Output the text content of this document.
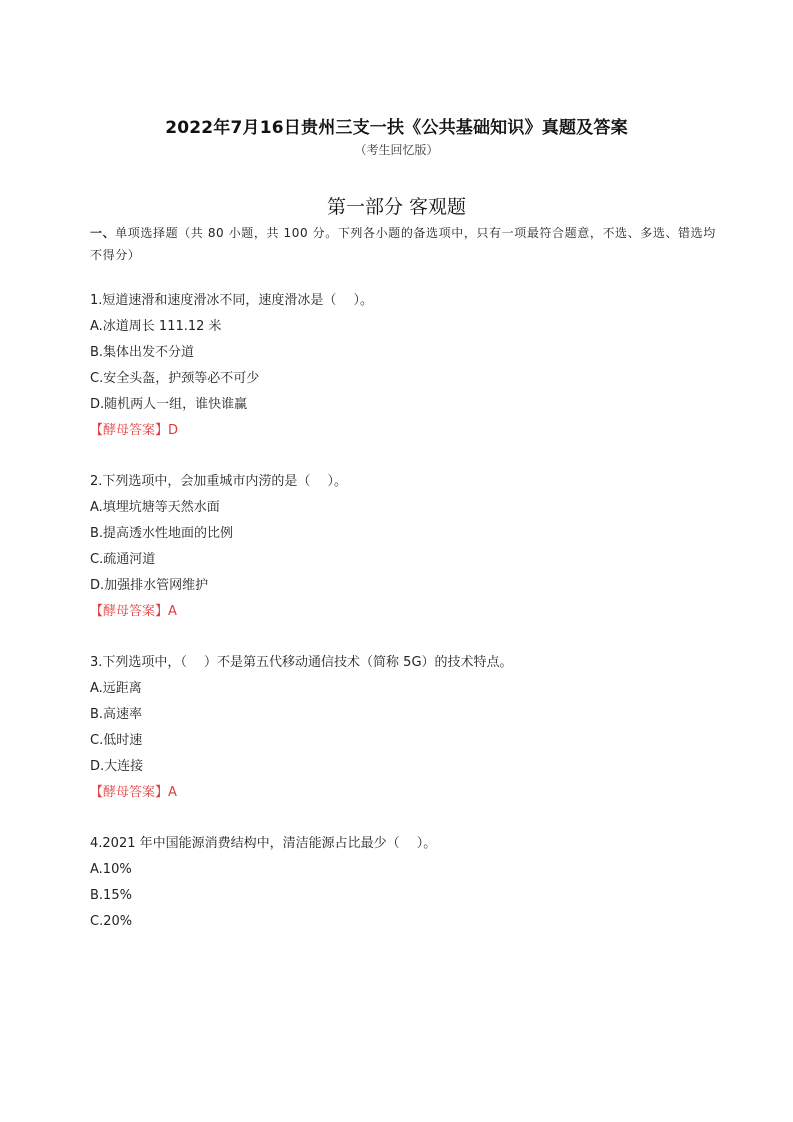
2022年7月16日贵州三支一扶《公共基础知识》真题及答案
（考生回忆版）
第一部分 客观题
一、单项选择题（共 80 小题，共 100 分。下列各小题的备选项中，只有一项最符合题意，不选、多选、错选均不得分）
1.短道速滑和速度滑冰不同，速度滑冰是（　 ）。
A.冰道周长 111.12 米
B.集体出发不分道
C.安全头盔，护颈等必不可少
D.随机两人一组，谁快谁赢
【酵母答案】D
2.下列选项中，会加重城市内涝的是（　 ）。
A.填埋坑塘等天然水面
B.提高透水性地面的比例
C.疏通河道
D.加强排水管网维护
【酵母答案】A
3.下列选项中，（　 ）不是第五代移动通信技术（简称 5G）的技术特点。
A.远距离
B.高速率
C.低时速
D.大连接
【酵母答案】A
4.2021 年中国能源消费结构中，清洁能源占比最少（　 ）。
A.10%
B.15%
C.20%
